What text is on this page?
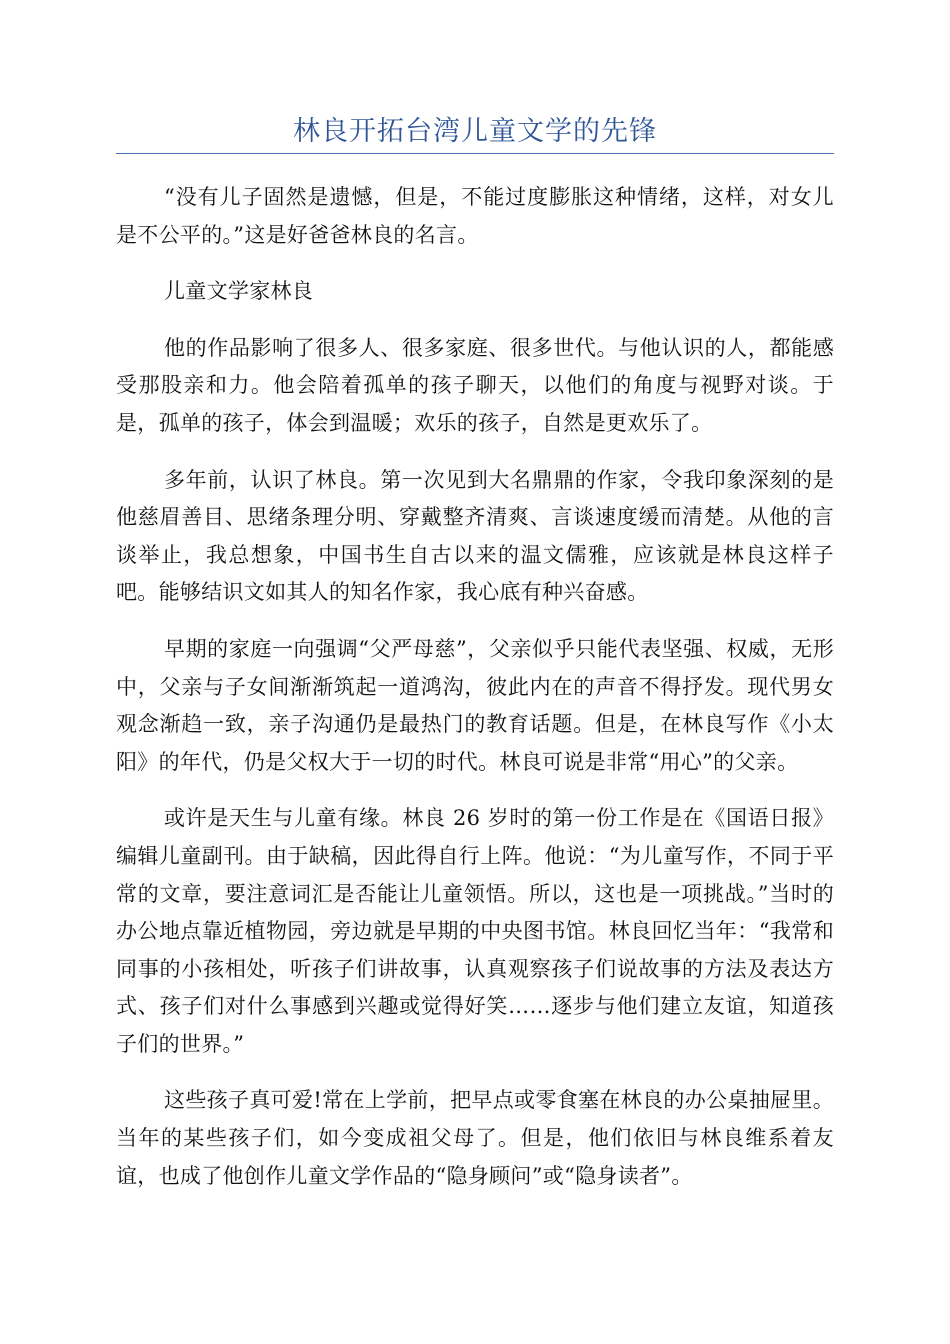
林良开拓台湾儿童文学的先锋

“没有儿子固然是遗憾，但是，不能过度膨胀这种情绪，这样，对女儿是不公平的。”这是好爸爸林良的名言。

儿童文学家林良

他的作品影响了很多人、很多家庭、很多世代。与他认识的人，都能感受那股亲和力。他会陪着孤单的孩子聊天，以他们的角度与视野对谈。于是，孤单的孩子，体会到温暖；欢乐的孩子，自然是更欢乐了。

多年前，认识了林良。第一次见到大名鼎鼎的作家，令我印象深刻的是他慈眉善目、思绪条理分明、穿戴整齐清爽、言谈速度缓而清楚。从他的言谈举止，我总想象，中国书生自古以来的温文儒雅，应该就是林良这样子吧。能够结识文如其人的知名作家，我心底有种兴奋感。

早期的家庭一向强调“父严母慈”，父亲似乎只能代表坚强、权威，无形中，父亲与子女间渐渐筑起一道鸿沟，彼此内在的声音不得抒发。现代男女观念渐趋一致，亲子沟通仍是最热门的教育话题。但是，在林良写作《小太阳》的年代，仍是父权大于一切的时代。林良可说是非常“用心”的父亲。

或许是天生与儿童有缘。林良 26 岁时的第一份工作是在《国语日报》编辑儿童副刊。由于缺稿，因此得自行上阵。他说：“为儿童写作，不同于平常的文章，要注意词汇是否能让儿童领悟。所以，这也是一项挑战。”当时的办公地点靠近植物园，旁边就是早期的中央图书馆。林良回忆当年：“我常和同事的小孩相处，听孩子们讲故事，认真观察孩子们说故事的方法及表达方式、孩子们对什么事感到兴趣或觉得好笑……逐步与他们建立友谊，知道孩子们的世界。”

这些孩子真可爱!常在上学前，把早点或零食塞在林良的办公桌抽屉里。当年的某些孩子们，如今变成祖父母了。但是，他们依旧与林良维系着友谊，也成了他创作儿童文学作品的“隐身顾问”或“隐身读者”。
